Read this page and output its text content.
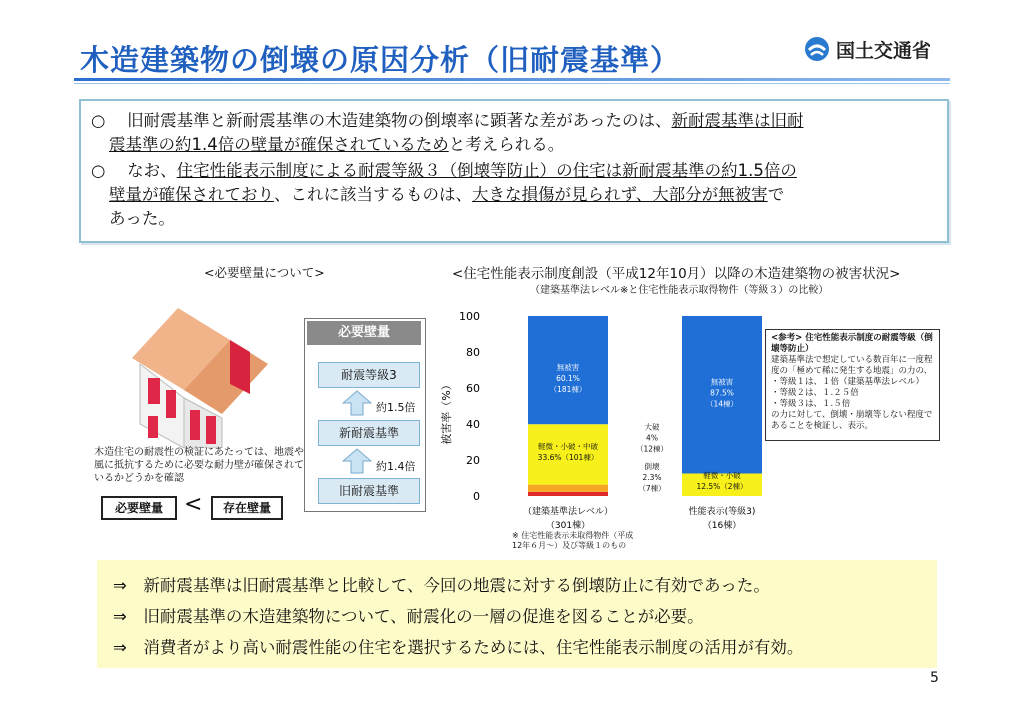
木造建築物の倒壊の原因分析（旧耐震基準）	国土交通省

○　 旧耐震基準と新耐震基準の木造建築物の倒壊率に顕著な差があったのは、新耐震基準は旧耐

震基準の約1.4倍の壁量が確保されているためと考えられる。

○　 なお、住宅性能表示制度による耐震等級３（倒壊等防止）の住宅は新耐震基準の約1.5倍の

壁量が確保されており、これに該当するものは、大きな損傷が見られず、大部分が無被害で

あった。

<必要壁量について>
木造住宅の耐震性の検証にあたっては、地震や風に抵抗するために必要な耐力壁が確保されているかどうかを確認
必要壁量 <	存在壁量
必要壁量
耐震等級3
新耐震基準
旧耐震基準
約1.5倍
約1.4倍
<住宅性能表示制度創設（平成12年10月）以降の木造建築物の被害状況>
（建築基準法レベル※と住宅性能表示取得物件（等級３）の比較）
0
20
40
60
80
100
被害率（%）
（建築基準法レベル）
（301棟）
性能表示(等級3)
（16棟）
無被害
60.1%
（181棟）
軽微・小破・中破
33.6%（101棟）
大破
4%
（12棟）
倒壊
2.3%
（7棟）
無被害
87.5%
（14棟）
軽微・小破
12.5%（2棟）
※ 住宅性能表示未取得物件（平成12年６月～）及び等級１のもの
<参考> 住宅性能表示制度の耐震等級（倒壊等防止）
建築基準法で想定している数百年に一度程度の「極めて稀に発生する地震」の力の、
・等級１は、１倍（建築基準法レベル）
・等級２は、１.２５倍
・等級３は、１.５倍
の力に対して、倒壊・崩壊等しない程度であることを検証し、表示。

⇒　 新耐震基準は旧耐震基準と比較して、今回の地震に対する倒壊防止に有効であった。

⇒　 旧耐震基準の木造建築物について、耐震化の一層の促進を図ることが必要。

⇒　 消費者がより高い耐震性能の住宅を選択するためには、住宅性能表示制度の活用が有効。

5
